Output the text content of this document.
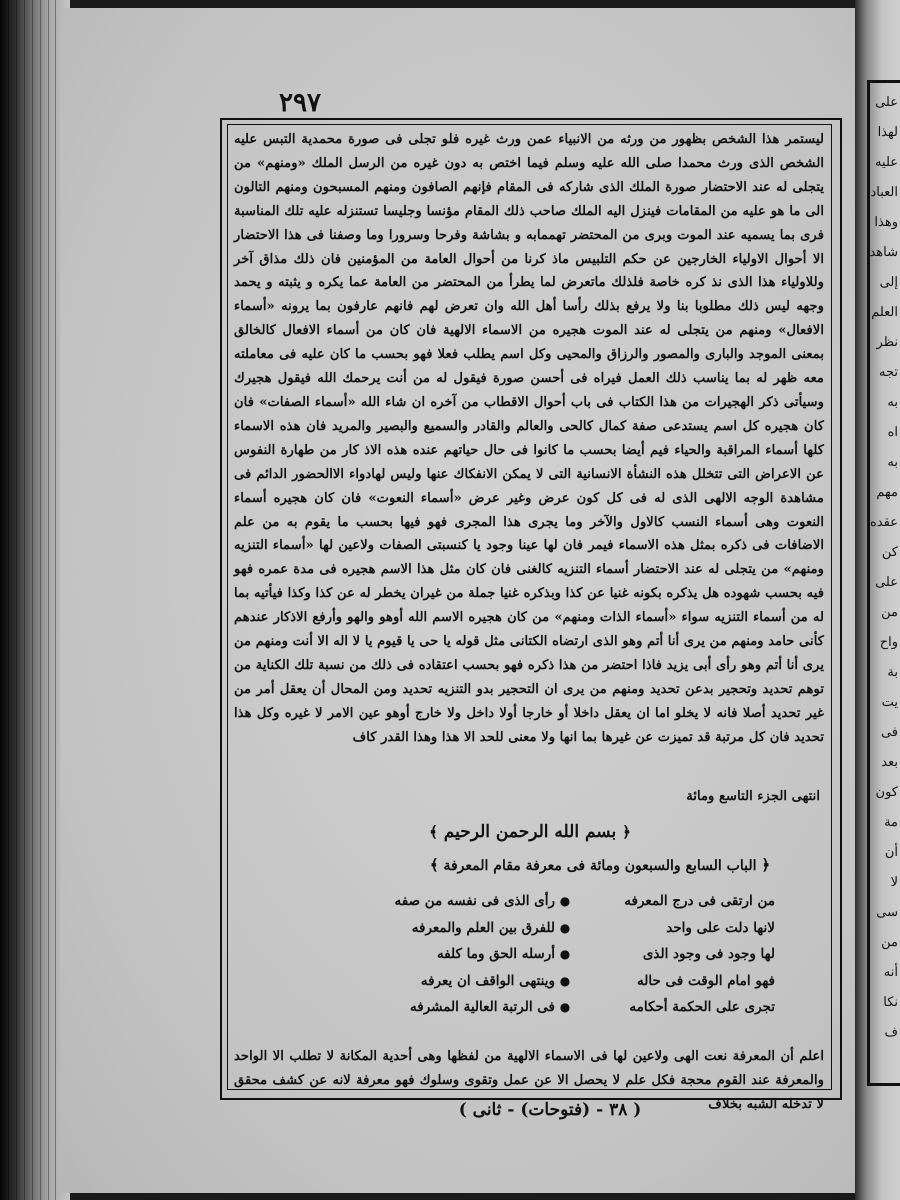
على
لهذا
عليه
العباد
وهذا
شاهد
إلى
العلم
نظر
تجه
به
اه
به
مهم
عقده
كن
على
من
واح
بة
يت
فى
بعد
كون
مة
أن
لا
سى
من
أنه
نكا
ف
٢٩٧

ليستمر هذا الشخص بظهور من ورثه من الانبياء عمن ورث غيره فلو تجلى فى صورة محمدية التبس عليه الشخص الذى ورث محمدا صلى الله عليه وسلم فيما اختص به دون غيره من الرسل الملك «ومنهم» من يتجلى له عند الاحتضار صورة الملك الذى شاركه فى المقام فإنهم الصافون ومنهم المسبحون ومنهم التالون الى ما هو عليه من المقامات فينزل اليه الملك صاحب ذلك المقام مؤنسا وجليسا تستنزله عليه تلك المناسبة فرى بما يسميه عند الموت وبرى من المحتضر تهممابه و بشاشة وفرحا وسرورا وما وصفنا فى هذا الاحتضار الا أحوال الاولياء الخارجين عن حكم التلبيس ماذ كرنا من أحوال العامة من المؤمنين فان ذلك مذاق آخر وللاولياء هذا الذى نذ كره خاصة فلذلك ماتعرض لما يطرأ من المحتضر من العامة عما يكره و يثبته و يحمد وجهه ليس ذلك مطلوبا بنا ولا يرفع بذلك رأسا أهل الله وان تعرض لهم فانهم عارفون بما يرونه «أسماء الافعال» ومنهم من يتجلى له عند الموت هجيره من الاسماء الالهية فان كان من أسماء الافعال كالخالق بمعنى الموجد والبارى والمصور والرزاق والمحيى وكل اسم يطلب فعلا فهو بحسب ما كان عليه فى معاملته معه ظهر له بما يناسب ذلك العمل فيراه فى أحسن صورة فيقول له من أنت يرحمك الله فيقول هجيرك وسيأتى ذكر الهجيرات من هذا الكتاب فى باب أحوال الاقطاب من آخره ان شاء الله «أسماء الصفات» فان كان هجيره كل اسم يستدعى صفة كمال كالحى والعالم والقادر والسميع والبصير والمريد فان هذه الاسماء كلها أسماء المراقبة والحياء فيم أيضا بحسب ما كانوا فى حال حياتهم عنده هذه الاذ كار من طهارة النفوس عن الاعراض التى تتخلل هذه النشأة الانسانية التى لا يمكن الانفكاك عنها وليس لهادواء الاالحضور الدائم فى مشاهدة الوجه الالهى الذى له فى كل كون عرض وغير عرض «أسماء النعوت» فان كان هجيره أسماء النعوت وهى أسماء النسب كالاول والآخر وما يجرى هذا المجرى فهو فيها بحسب ما يقوم به من علم الاضافات فى ذكره بمثل هذه الاسماء فيمر فان لها عينا وجود يا كنسبتى الصفات ولاعين لها «أسماء التنزيه ومنهم» من يتجلى له عند الاحتضار أسماء التنزيه كالغنى فان كان مثل هذا الاسم هجيره فى مدة عمره فهو فيه بحسب شهوده هل يذكره بكونه غنيا عن كذا وبذكره غنيا جملة من غيران يخطر له عن كذا وكذا فيأتيه بما له من أسماء التنزيه سواء «أسماء الذات ومنهم» من كان هجيره الاسم الله أوهو والهو وأرفع الاذكار عندهم كأنى حامد ومنهم من يرى أنا أتم وهو الذى ارتضاه الكتانى مثل قوله يا حى يا قيوم يا لا اله الا أنت ومنهم من يرى أنا أتم وهو رأى أبى يزيد فاذا احتضر من هذا ذكره فهو بحسب اعتقاده فى ذلك من نسبة تلك الكناية من توهم تحديد وتحجير بدعن تحديد ومنهم من يرى ان التحجير بدو التنزيه تحديد ومن المحال أن يعقل أمر من غير تحديد أصلا فانه لا يخلو اما ان يعقل داخلا أو خارجا أولا داخل ولا خارج أوهو عين الامر لا غيره وكل هذا تحديد فان كل مرتبة قد تميزت عن غيرها بما انها ولا معنى للحد الا هذا وهذا القدر كاف

انتهى الجزء التاسع ومائة
﴿ بسم الله الرحمن الرحيم ﴾
﴿ الباب السابع والسبعون ومائة فى معرفة مقام المعرفة ﴾
من ارتقى فى درج المعرفه
●
رأى الذى فى نفسه من صفه
لانها دلت على واحد
●
للفرق بين العلم والمعرفه
لها وجود فى وجود الذى
●
أرسله الحق وما كلفه
فهو امام الوقت فى حاله
●
وينتهى الواقف ان يعرفه
تجرى على الحكمة أحكامه
●
فى الرتبة العالية المشرفه
اعلم أن المعرفة نعت الهى ولاعين لها فى الاسماء الالهية من لفظها وهى أحدية المكانة لا تطلب الا الواحد والمعرفة عند القوم محجة فكل علم لا يحصل الا عن عمل وتقوى وسلوك فهو معرفة لانه عن كشف محقق لا تدخله الشبه بخلاف
( ٣٨ - (فتوحات) - ثانى )
